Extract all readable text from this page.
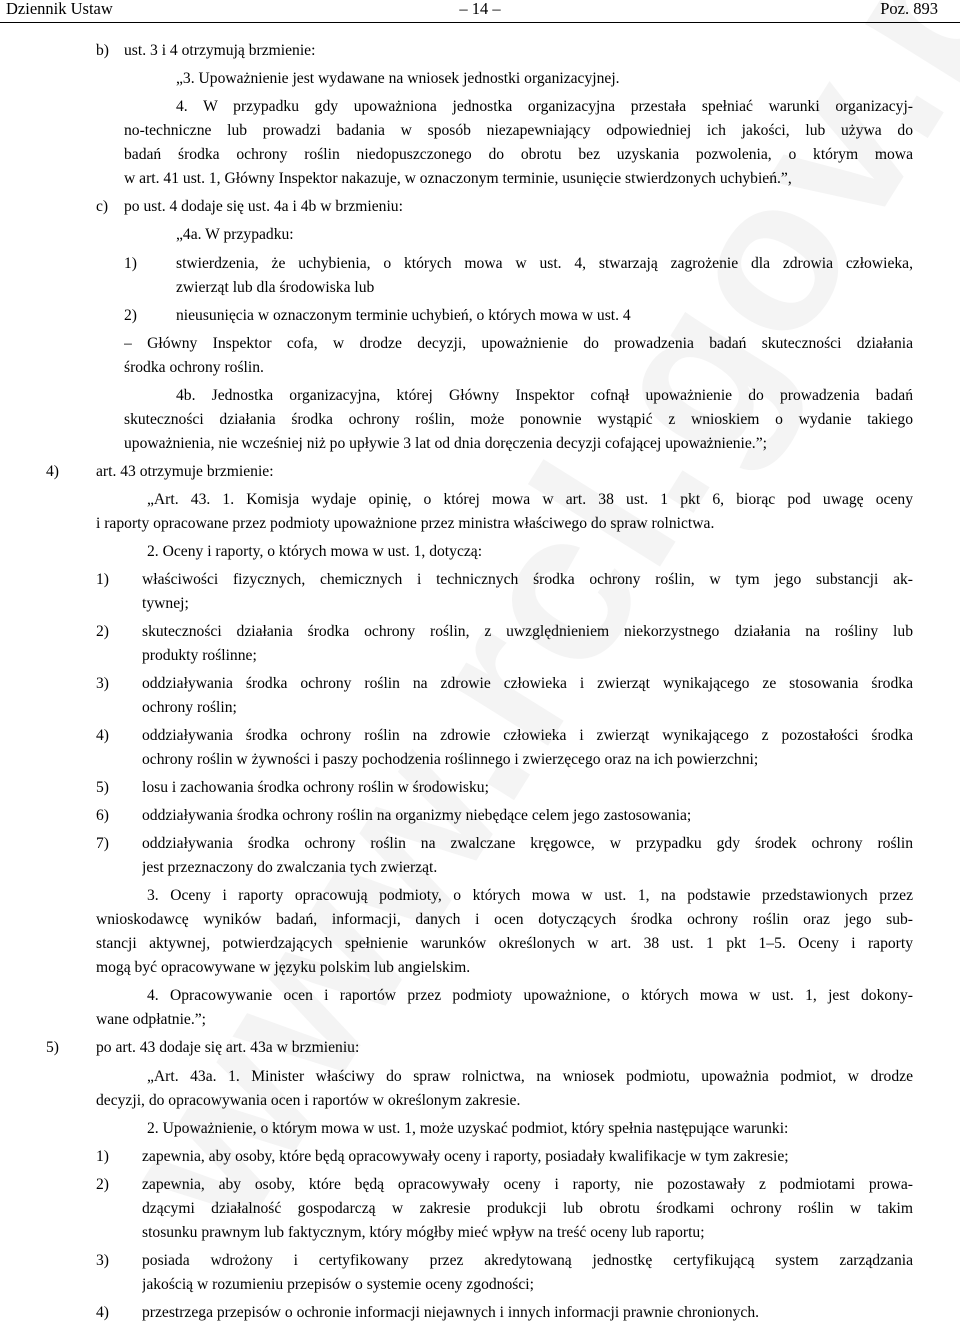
Dziennik Ustaw	– 14 –	Poz. 893
b) ust. 3 i 4 otrzymują brzmienie:
„3. Upoważnienie jest wydawane na wniosek jednostki organizacyjnej.
4. W przypadku gdy upoważniona jednostka organizacyjna przestała spełniać warunki organizacyj-
no-techniczne lub prowadzi badania w sposób niezapewniający odpowiedniej ich jakości, lub używa do
badań środka ochrony roślin niedopuszczonego do obrotu bez uzyskania pozwolenia, o którym mowa
w art. 41 ust. 1, Główny Inspektor nakazuje, w oznaczonym terminie, usunięcie stwierdzonych uchybień.”,
c) po ust. 4 dodaje się ust. 4a i 4b w brzmieniu:
„4a. W przypadku:
1)	stwierdzenia, że uchybienia, o których mowa w ust. 4, stwarzają zagrożenie dla zdrowia człowieka,
zwierząt lub dla środowiska lub
2)	nieusunięcia w oznaczonym terminie uchybień, o których mowa w ust. 4
– Główny Inspektor cofa, w drodze decyzji, upoważnienie do prowadzenia badań skuteczności działania
środka ochrony roślin.
4b. Jednostka organizacyjna, której Główny Inspektor cofnął upoważnienie do prowadzenia badań
skuteczności działania środka ochrony roślin, może ponownie wystąpić z wnioskiem o wydanie takiego
upoważnienia, nie wcześniej niż po upływie 3 lat od dnia doręczenia decyzji cofającej upoważnienie.”;
4) art. 43 otrzymuje brzmienie:
„Art. 43. 1. Komisja wydaje opinię, o której mowa w art. 38 ust. 1 pkt 6, biorąc pod uwagę oceny
i raporty opracowane przez podmioty upoważnione przez ministra właściwego do spraw rolnictwa.
2. Oceny i raporty, o których mowa w ust. 1, dotyczą:
1) właściwości fizycznych, chemicznych i technicznych środka ochrony roślin, w tym jego substancji ak-
tywnej;
2) skuteczności działania środka ochrony roślin, z uwzględnieniem niekorzystnego działania na rośliny lub
produkty roślinne;
3) oddziaływania środka ochrony roślin na zdrowie człowieka i zwierząt wynikającego ze stosowania środka
ochrony roślin;
4) oddziaływania środka ochrony roślin na zdrowie człowieka i zwierząt wynikającego z pozostałości środka
ochrony roślin w żywności i paszy pochodzenia roślinnego i zwierzęcego oraz na ich powierzchni;
5) losu i zachowania środka ochrony roślin w środowisku;
6) oddziaływania środka ochrony roślin na organizmy niebędące celem jego zastosowania;
7) oddziaływania środka ochrony roślin na zwalczane kręgowce, w przypadku gdy środek ochrony roślin
jest przeznaczony do zwalczania tych zwierząt.
3. Oceny i raporty opracowują podmioty, o których mowa w ust. 1, na podstawie przedstawionych przez
wnioskodawcę wyników badań, informacji, danych i ocen dotyczących środka ochrony roślin oraz jego sub-
stancji aktywnej, potwierdzających spełnienie warunków określonych w art. 38 ust. 1 pkt 1–5. Oceny i raporty
mogą być opracowywane w języku polskim lub angielskim.
4. Opracowywanie ocen i raportów przez podmioty upoważnione, o których mowa w ust. 1, jest dokony-
wane odpłatnie.”;
5) po art. 43 dodaje się art. 43a w brzmieniu:
„Art. 43a. 1. Minister właściwy do spraw rolnictwa, na wniosek podmiotu, upoważnia podmiot, w drodze
decyzji, do opracowywania ocen i raportów w określonym zakresie.
2. Upoważnienie, o którym mowa w ust. 1, może uzyskać podmiot, który spełnia następujące warunki:
1) zapewnia, aby osoby, które będą opracowywały oceny i raporty, posiadały kwalifikacje w tym zakresie;
2) zapewnia, aby osoby, które będą opracowywały oceny i raporty, nie pozostawały z podmiotami prowa-
dzącymi działalność gospodarczą w zakresie produkcji lub obrotu środkami ochrony roślin w takim
stosunku prawnym lub faktycznym, który mógłby mieć wpływ na treść oceny lub raportu;
3) posiada wdrożony i certyfikowany przez akredytowaną jednostkę certyfikującą system zarządzania
jakością w rozumieniu przepisów o systemie oceny zgodności;
4) przestrzega przepisów o ochronie informacji niejawnych i innych informacji prawnie chronionych.
